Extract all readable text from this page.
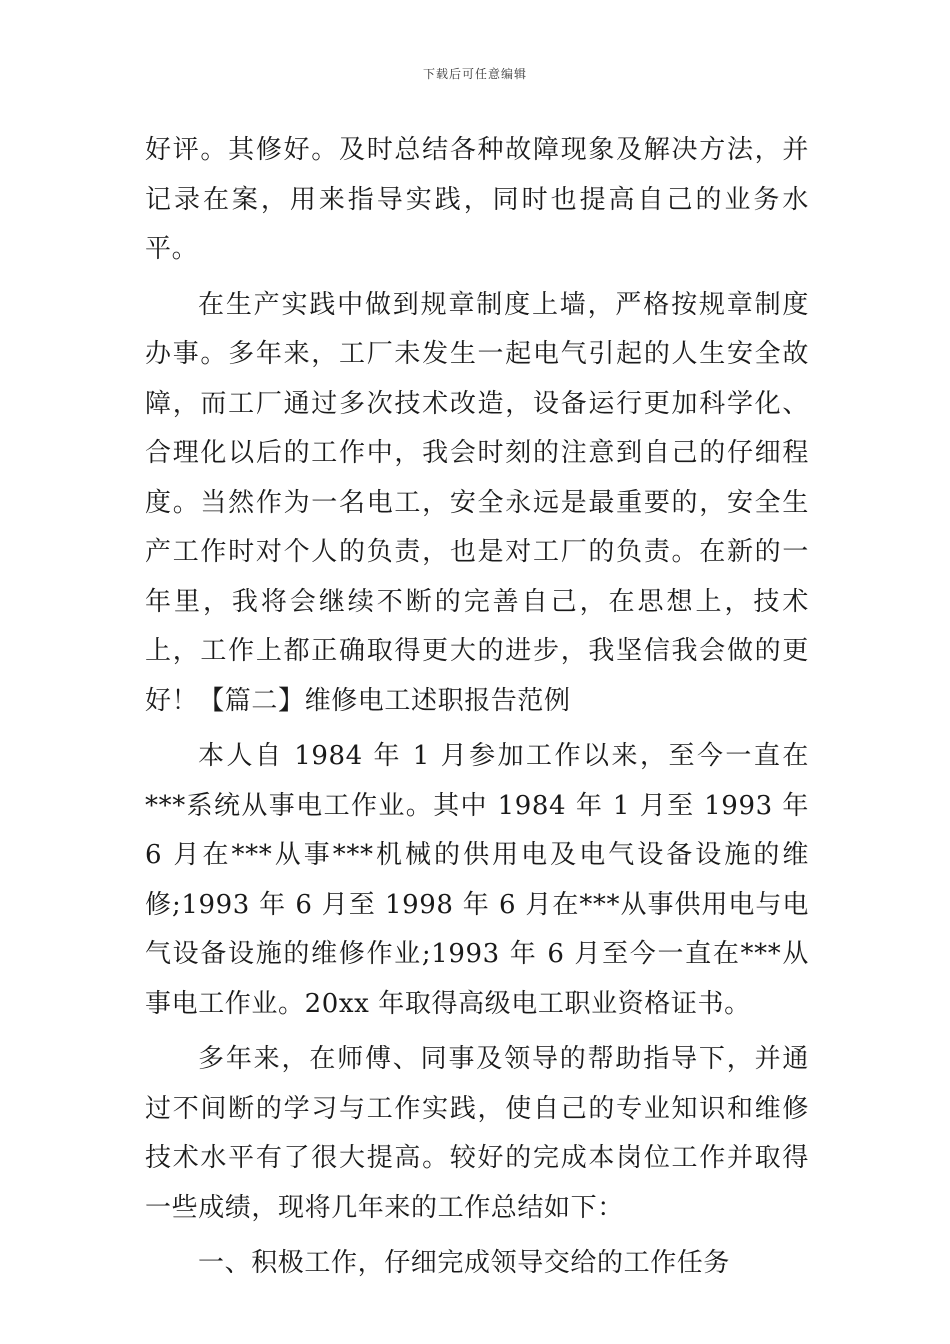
下载后可任意编辑

好评。其修好。及时总结各种故障现象及解决方法，并记录在案，用来指导实践，同时也提高自己的业务水平。

在生产实践中做到规章制度上墙，严格按规章制度办事。多年来，工厂未发生一起电气引起的人生安全故障，而工厂通过多次技术改造，设备运行更加科学化、合理化以后的工作中，我会时刻的注意到自己的仔细程度。当然作为一名电工，安全永远是最重要的，安全生产工作时对个人的负责，也是对工厂的负责。在新的一年里，我将会继续不断的完善自己，在思想上，技术上，工作上都正确取得更大的进步，我坚信我会做的更好！【篇二】维修电工述职报告范例

本人自 1984 年 1 月参加工作以来，至今一直在***系统从事电工作业。其中 1984 年 1 月至 1993 年 6 月在***从事***机械的供用电及电气设备设施的维修;1993 年 6 月至 1998 年 6 月在***从事供用电与电气设备设施的维修作业;1993 年 6 月至今一直在***从事电工作业。20xx 年取得高级电工职业资格证书。

多年来，在师傅、同事及领导的帮助指导下，并通过不间断的学习与工作实践，使自己的专业知识和维修技术水平有了很大提高。较好的完成本岗位工作并取得一些成绩，现将几年来的工作总结如下：

一、积极工作，仔细完成领导交给的工作任务
